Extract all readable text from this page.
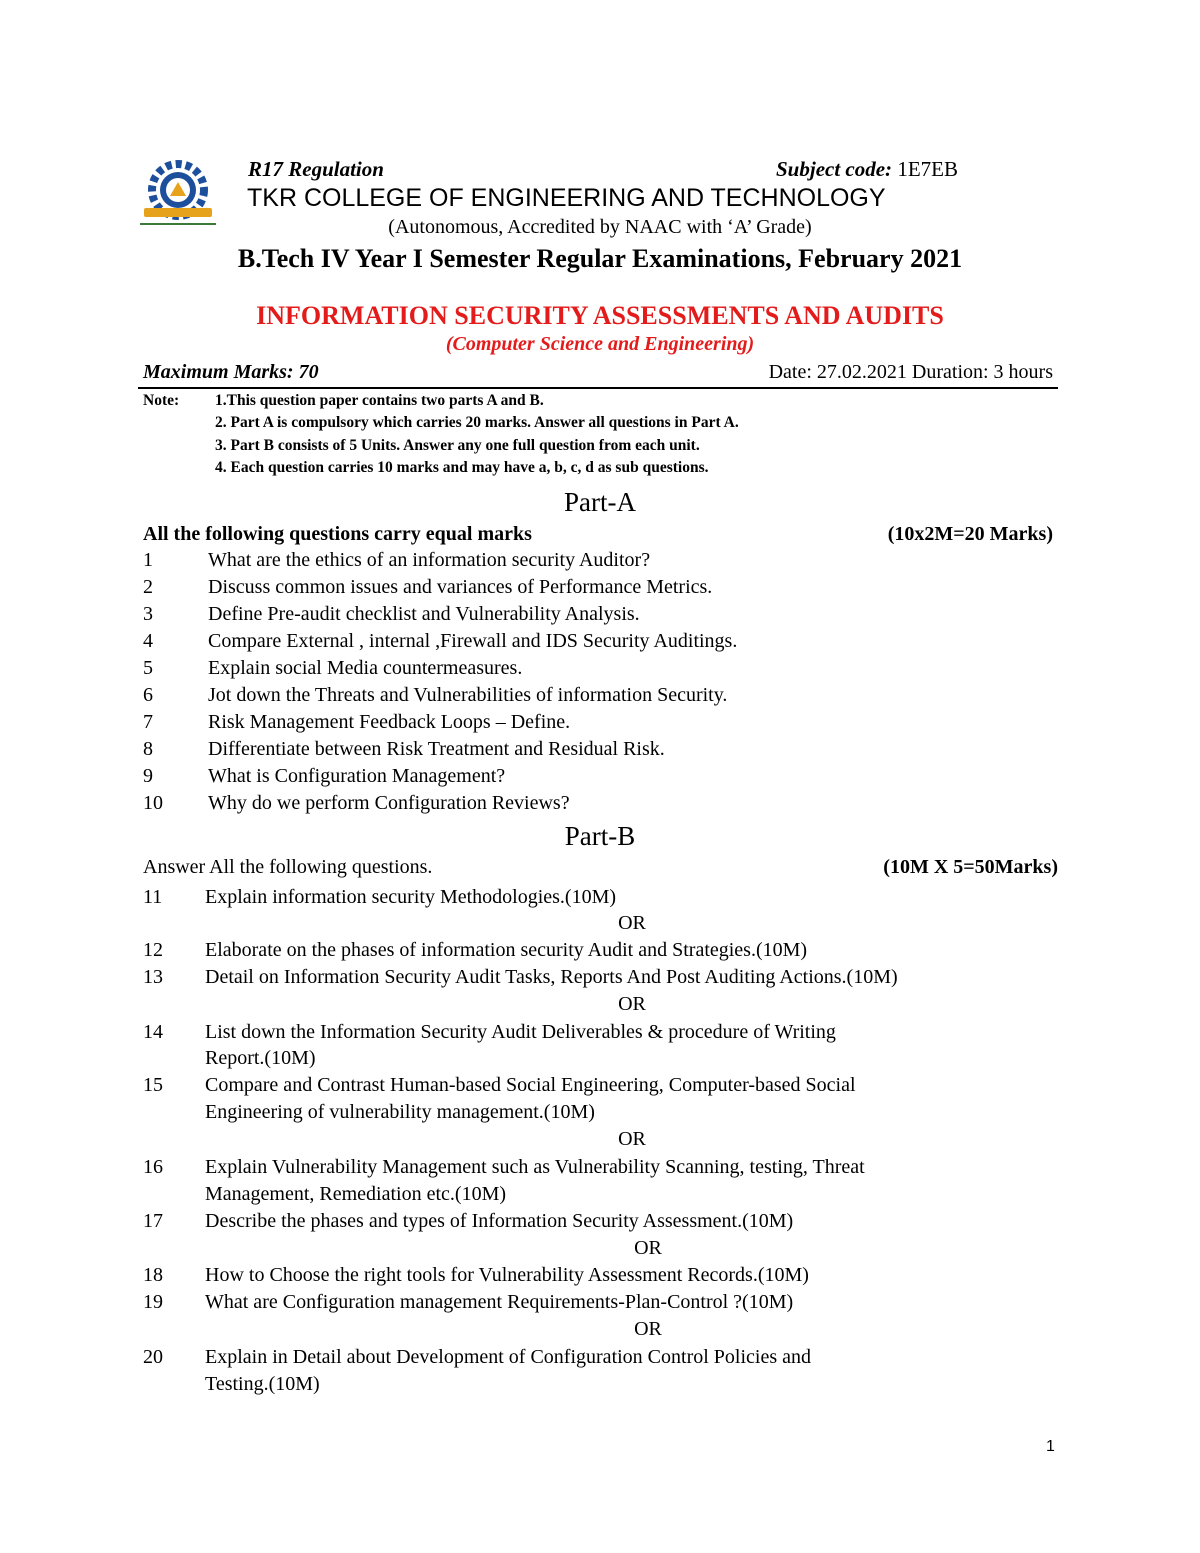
R17 Regulation	Subject code: 1E7EB
TKR COLLEGE OF ENGINEERING AND TECHNOLOGY
(Autonomous, Accredited by NAAC with ‘A’ Grade)
B.Tech IV Year I Semester Regular Examinations, February 2021
INFORMATION SECURITY ASSESSMENTS AND AUDITS
(Computer Science and Engineering)
Maximum Marks: 70	Date: 27.02.2021 Duration: 3 hours
Note: 1.This question paper contains two parts A and B.
2. Part A is compulsory which carries 20 marks. Answer all questions in Part A.
3. Part B consists of 5 Units. Answer any one full question from each unit.
4. Each question carries 10 marks and may have a, b, c, d as sub questions.
Part-A
All the following questions carry equal marks	(10x2M=20 Marks)
1	What are the ethics of an information security Auditor?
2	Discuss common issues and variances of Performance Metrics.
3	Define Pre-audit checklist and Vulnerability Analysis.
4	Compare External , internal ,Firewall and IDS Security Auditings.
5	Explain social Media countermeasures.
6	Jot down the Threats and Vulnerabilities of information Security.
7	Risk Management Feedback Loops – Define.
8	Differentiate between Risk Treatment and Residual Risk.
9	What is Configuration Management?
10 Why do we perform Configuration Reviews?
Part-B
Answer All the following questions.	(10M X 5=50Marks)
11 Explain information security Methodologies.(10M)
OR
12 Elaborate on the phases of information security Audit and Strategies.(10M)
13 Detail on Information Security Audit Tasks, Reports And Post Auditing Actions.(10M)
OR
14 List down the Information Security Audit Deliverables & procedure of Writing
Report.(10M)
15 Compare and Contrast Human-based Social Engineering, Computer-based Social
Engineering of vulnerability management.(10M)
OR
16 Explain Vulnerability Management such as Vulnerability Scanning, testing, Threat
Management, Remediation etc.(10M)
17 Describe the phases and types of Information Security Assessment.(10M)
OR
18 How to Choose the right tools for Vulnerability Assessment Records.(10M)
19 What are Configuration management Requirements-Plan-Control ?(10M)
OR
20 Explain in Detail about Development of Configuration Control Policies and
Testing.(10M)
1
